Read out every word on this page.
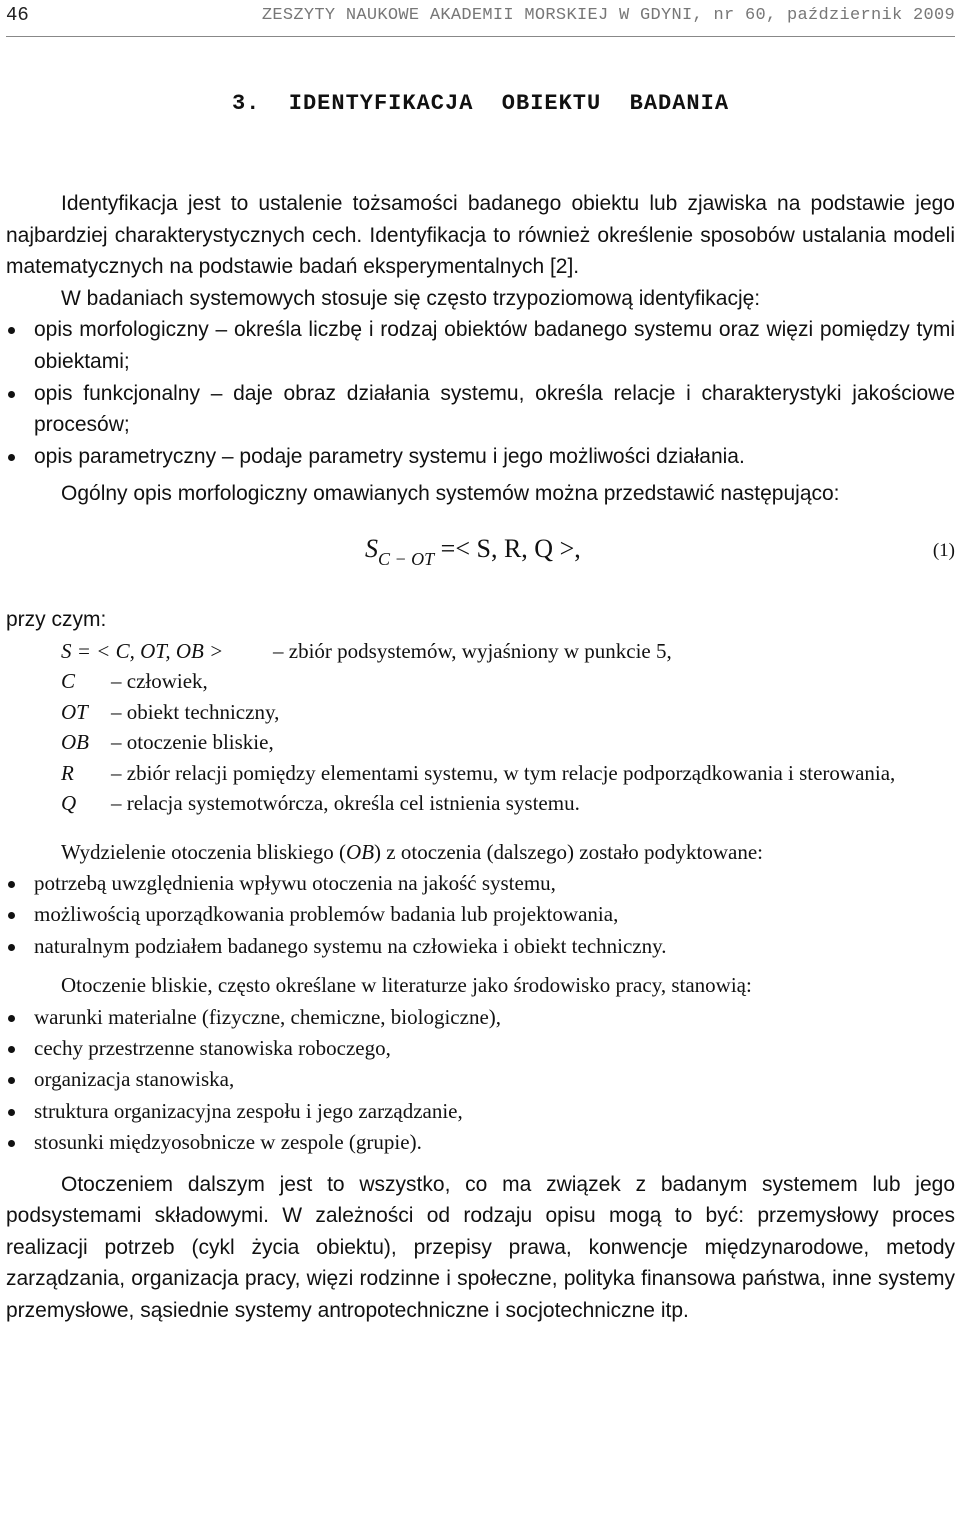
46	ZESZYTY NAUKOWE AKADEMII MORSKIEJ W GDYNI, nr 60, październik 2009
3.  IDENTYFIKACJA  OBIEKTU  BADANIA

Identyfikacja jest to ustalenie tożsamości badanego obiektu lub zjawiska na podstawie jego najbardziej charakterystycznych cech. Identyfikacja to również określenie sposobów ustalania modeli matematycznych na podstawie badań eksperymentalnych [2].

W badaniach systemowych stosuje się często trzypoziomową identyfikację:

opis morfologiczny – określa liczbę i rodzaj obiektów badanego systemu oraz więzi pomiędzy tymi obiektami;
opis funkcjonalny – daje obraz działania systemu, określa relacje i charakterystyki jakościowe procesów;
opis parametryczny – podaje parametry systemu i jego możliwości działania.

Ogólny opis morfologiczny omawianych systemów można przedstawić następująco:

$S_{C - OT} =< S$, R, Q >,	(1)
przy czym:
S = < C, OT, OB >	– zbiór podsystemów, wyjaśniony w punkcie 5,
C	– człowiek,
OT	– obiekt techniczny,
OB	– otoczenie bliskie,
R	– zbiór relacji pomiędzy elementami systemu, w tym relacje podporządkowania i sterowania,
Q	– relacja systemotwórcza, określa cel istnienia systemu.

Wydzielenie otoczenia bliskiego (OB) z otoczenia (dalszego) zostało podyktowane:

potrzebą uwzględnienia wpływu otoczenia na jakość systemu,
możliwością uporządkowania problemów badania lub projektowania,
naturalnym podziałem badanego systemu na człowieka i obiekt techniczny.

Otoczenie bliskie, często określane w literaturze jako środowisko pracy, stanowią:

warunki materialne (fizyczne, chemiczne, biologiczne),
cechy przestrzenne stanowiska roboczego,
organizacja stanowiska,
struktura organizacyjna zespołu i jego zarządzanie,
stosunki międzyosobnicze w zespole (grupie).

Otoczeniem dalszym jest to wszystko, co ma związek z badanym systemem lub jego podsystemami składowymi. W zależności od rodzaju opisu mogą to być: przemysłowy proces realizacji potrzeb (cykl życia obiektu), przepisy prawa, konwencje międzynarodowe, metody zarządzania, organizacja pracy, więzi rodzinne i społeczne, polityka finansowa państwa, inne systemy przemysłowe, sąsiednie systemy antropotechniczne i socjotechniczne itp.
